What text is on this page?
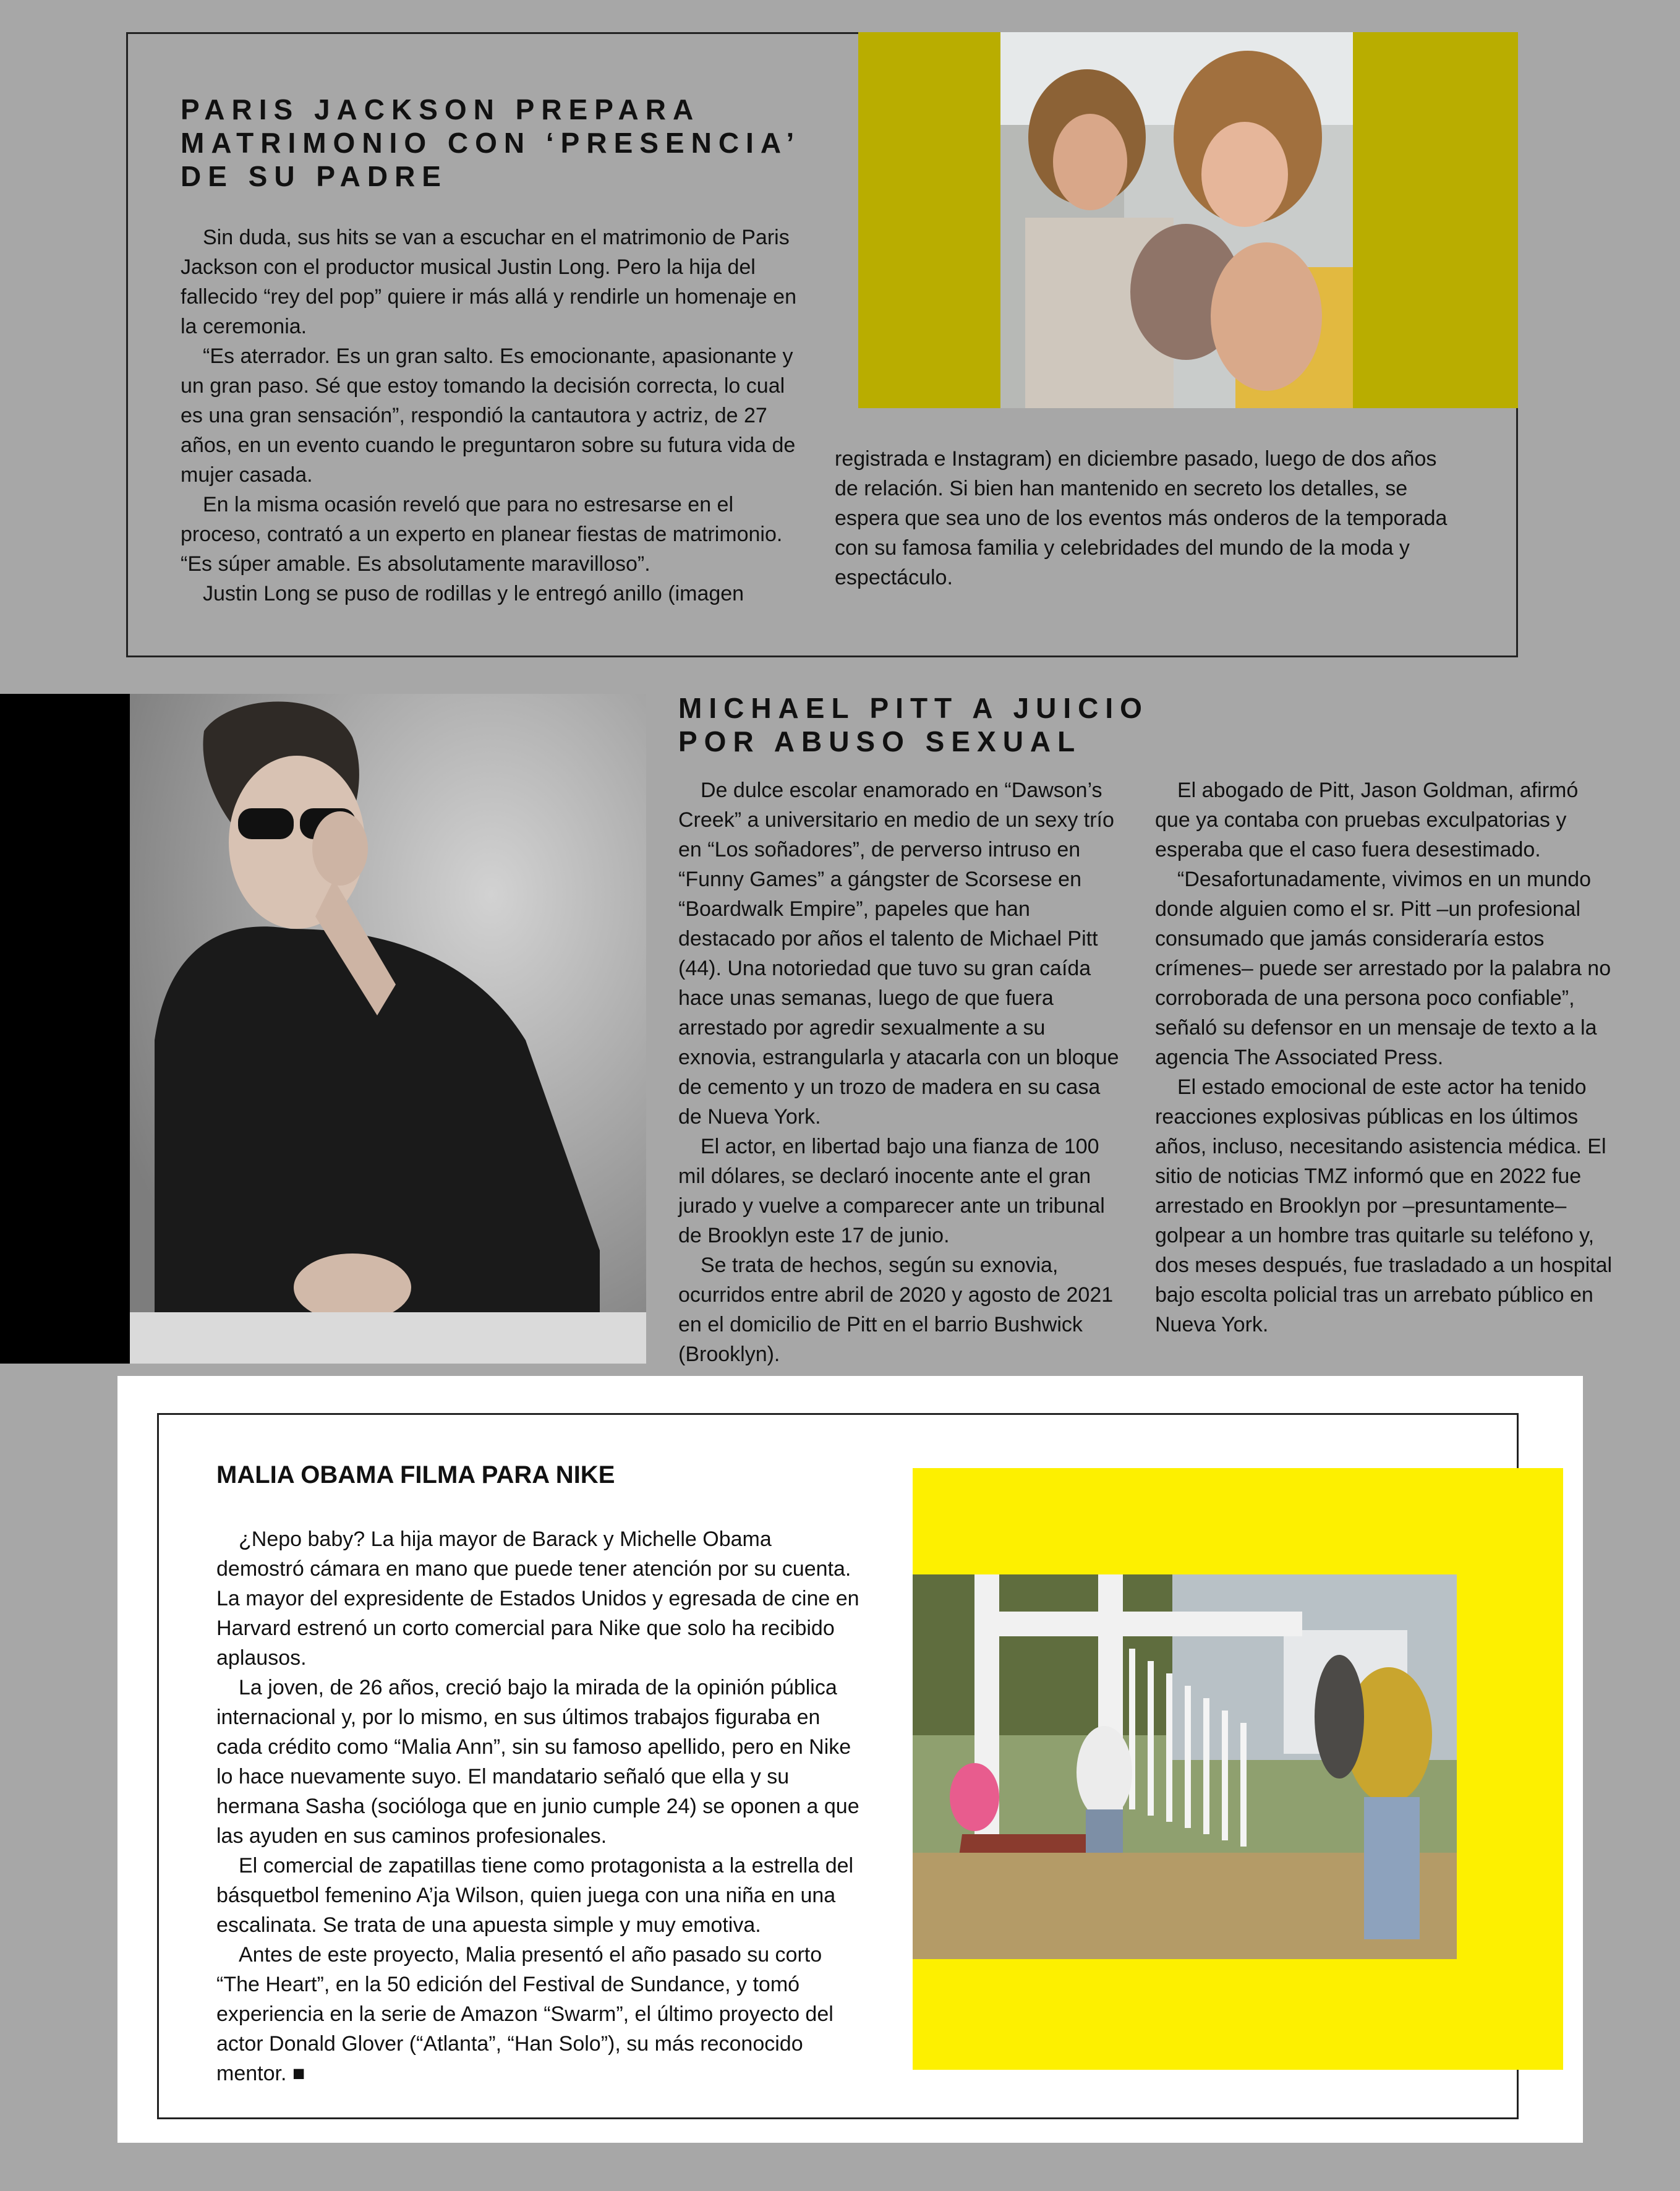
PARIS JACKSON PREPARA
MATRIMONIO CON ‘PRESENCIA’
DE SU PADRE

Sin duda, sus hits se van a escuchar en el matrimonio de Paris Jackson con el productor musical Justin Long. Pero la hija del fallecido “rey del pop” quiere ir más allá y rendirle un homenaje en la ceremonia.

“Es aterrador. Es un gran salto. Es emocionante, apasionante y un gran paso. Sé que estoy tomando la decisión correcta, lo cual es una gran sensación”, respondió la cantautora y actriz, de 27 años, en un evento cuando le preguntaron sobre su futura vida de mujer casada.

En la misma ocasión reveló que para no estresarse en el proceso, contrató a un experto en planear fiestas de matrimonio. “Es súper amable. Es absolutamente maravilloso”.

Justin Long se puso de rodillas y le entregó anillo (imagen

registrada e Instagram) en diciembre pasado, luego de dos años de relación. Si bien han mantenido en secreto los detalles, se espera que sea uno de los eventos más onderos de la temporada con su famosa familia y celebridades del mundo de la moda y espectáculo.

MICHAEL PITT A JUICIO
POR ABUSO SEXUAL

De dulce escolar enamorado en “Dawson’s Creek” a universitario en medio de un sexy trío en “Los soñadores”, de perverso intruso en “Funny Games” a gángster de Scorsese en “Boardwalk Empire”, papeles que han destacado por años el talento de Michael Pitt (44). Una notoriedad que tuvo su gran caída hace unas semanas, luego de que fuera arrestado por agredir sexualmente a su exnovia, estrangularla y atacarla con un bloque de cemento y un trozo de madera en su casa de Nueva York.

El actor, en libertad bajo una fianza de 100 mil dólares, se declaró inocente ante el gran jurado y vuelve a comparecer ante un tribunal de Brooklyn este 17 de junio.

Se trata de hechos, según su exnovia, ocurridos entre abril de 2020 y agosto de 2021 en el domicilio de Pitt en el barrio Bushwick (Brooklyn).

El abogado de Pitt, Jason Goldman, afirmó que ya contaba con pruebas exculpatorias y esperaba que el caso fuera desestimado.

“Desafortunadamente, vivimos en un mundo donde alguien como el sr. Pitt –un profesional consumado que jamás consideraría estos crímenes– puede ser arrestado por la palabra no corroborada de una persona poco confiable”, señaló su defensor en un mensaje de texto a la agencia The Associated Press.

El estado emocional de este actor ha tenido reacciones explosivas públicas en los últimos años, incluso, necesitando asistencia médica. El sitio de noticias TMZ informó que en 2022 fue arrestado en Brooklyn por –presuntamente– golpear a un hombre tras quitarle su teléfono y, dos meses después, fue trasladado a un hospital bajo escolta policial tras un arrebato público en Nueva York.

MALIA OBAMA FILMA PARA NIKE

¿Nepo baby? La hija mayor de Barack y Michelle Obama demostró cámara en mano que puede tener atención por su cuenta. La mayor del expresidente de Estados Unidos y egresada de cine en Harvard estrenó un corto comercial para Nike que solo ha recibido aplausos.

La joven, de 26 años, creció bajo la mirada de la opinión pública internacional y, por lo mismo, en sus últimos trabajos figuraba en cada crédito como “Malia Ann”, sin su famoso apellido, pero en Nike lo hace nuevamente suyo. El mandatario señaló que ella y su hermana Sasha (socióloga que en junio cumple 24) se oponen a que las ayuden en sus caminos profesionales.

El comercial de zapatillas tiene como protagonista a la estrella del básquetbol femenino A’ja Wilson, quien juega con una niña en una escalinata. Se trata de una apuesta simple y muy emotiva.

Antes de este proyecto, Malia presentó el año pasado su corto “The Heart”, en la 50 edición del Festival de Sundance, y tomó experiencia en la serie de Amazon “Swarm”, el último proyecto del actor Donald Glover (“Atlanta”, “Han Solo”), su más reconocido mentor. ■
